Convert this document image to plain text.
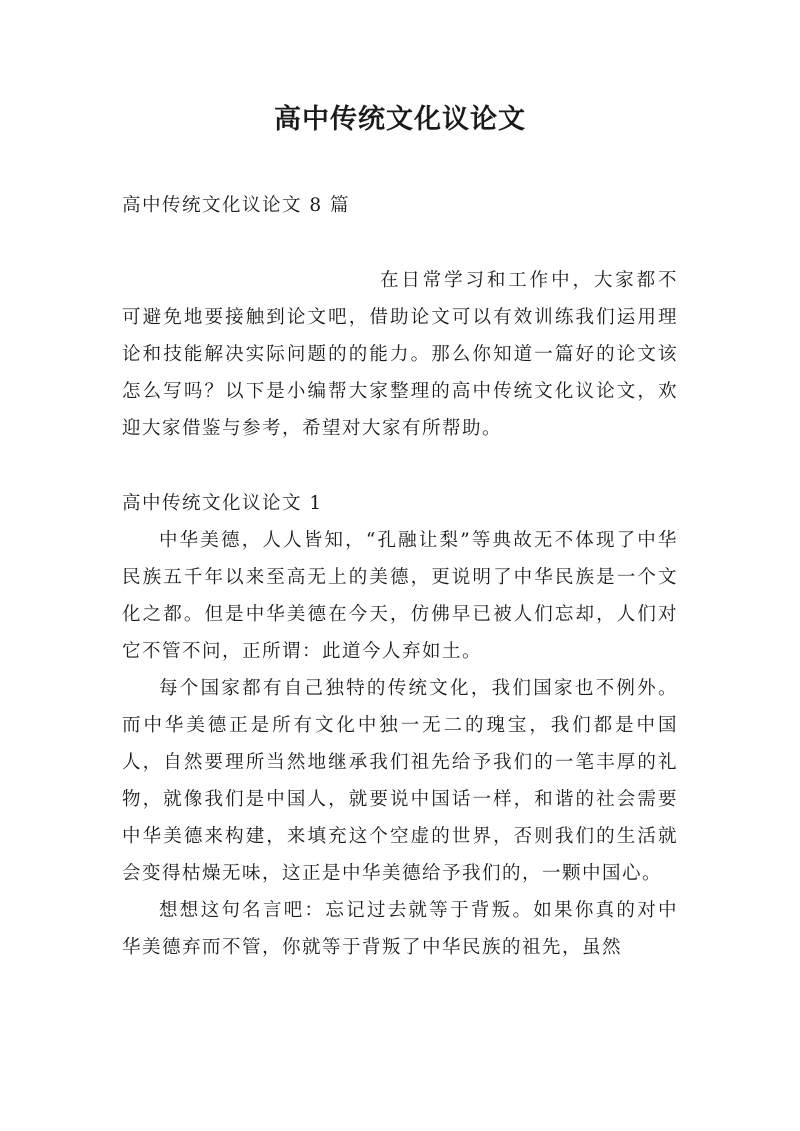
高中传统文化议论文
高中传统文化议论文 8 篇
在日常学习和工作中，大家都不可避免地要接触到论文吧，借助论文可以有效训练我们运用理论和技能解决实际问题的的能力。那么你知道一篇好的论文该怎么写吗？以下是小编帮大家整理的高中传统文化议论文，欢迎大家借鉴与参考，希望对大家有所帮助。
高中传统文化议论文 1

中华美德，人人皆知，“孔融让梨”等典故无不体现了中华民族五千年以来至高无上的美德，更说明了中华民族是一个文化之都。但是中华美德在今天，仿佛早已被人们忘却，人们对它不管不问，正所谓：此道今人弃如土。

每个国家都有自己独特的传统文化，我们国家也不例外。而中华美德正是所有文化中独一无二的瑰宝，我们都是中国人，自然要理所当然地继承我们祖先给予我们的一笔丰厚的礼物，就像我们是中国人，就要说中国话一样，和谐的社会需要中华美德来构建，来填充这个空虚的世界，否则我们的生活就会变得枯燥无味，这正是中华美德给予我们的，一颗中国心。

想想这句名言吧：忘记过去就等于背叛。如果你真的对中华美德弃而不管，你就等于背叛了中华民族的祖先，虽然
